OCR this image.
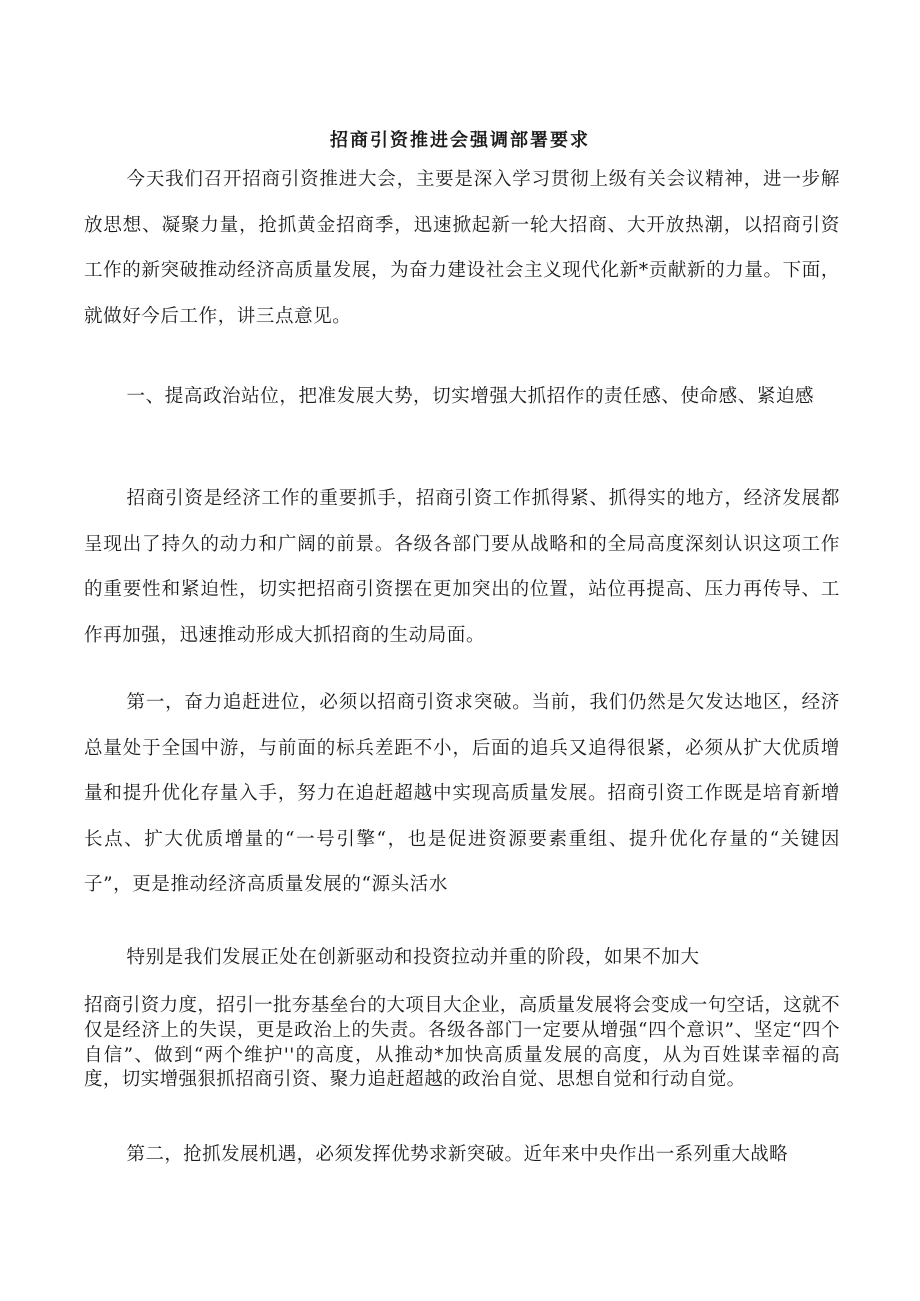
招商引资推进会强调部署要求

今天我们召开招商引资推进大会，主要是深入学习贯彻上级有关会议精神，进一步解放思想、凝聚力量，抢抓黄金招商季，迅速掀起新一轮大招商、大开放热潮，以招商引资工作的新突破推动经济高质量发展，为奋力建设社会主义现代化新*贡献新的力量。下面，就做好今后工作，讲三点意见。

一、提高政治站位，把准发展大势，切实增强大抓招作的责任感、使命感、紧迫感

招商引资是经济工作的重要抓手，招商引资工作抓得紧、抓得实的地方，经济发展都呈现出了持久的动力和广阔的前景。各级各部门要从战略和的全局高度深刻认识这项工作的重要性和紧迫性，切实把招商引资摆在更加突出的位置，站位再提高、压力再传导、工作再加强，迅速推动形成大抓招商的生动局面。

第一，奋力追赶进位，必须以招商引资求突破。当前，我们仍然是欠发达地区，经济总量处于全国中游，与前面的标兵差距不小，后面的追兵又追得很紧，必须从扩大优质增量和提升优化存量入手，努力在追赶超越中实现高质量发展。招商引资工作既是培育新增长点、扩大优质增量的“一号引擎“，也是促进资源要素重组、提升优化存量的“关键因子”，更是推动经济高质量发展的“源头活水

特别是我们发展正处在创新驱动和投资拉动并重的阶段，如果不加大

招商引资力度，招引一批夯基垒台的大项目大企业，高质量发展将会变成一句空话，这就不仅是经济上的失误，更是政治上的失责。各级各部门一定要从增强“四个意识”、坚定“四个自信”、做到“两个维护''的高度，从推动*加快高质量发展的高度，从为百姓谋幸福的高度，切实增强狠抓招商引资、聚力追赶超越的政治自觉、思想自觉和行动自觉。

第二，抢抓发展机遇，必须发挥优势求新突破。近年来中央作出一系列重大战略
